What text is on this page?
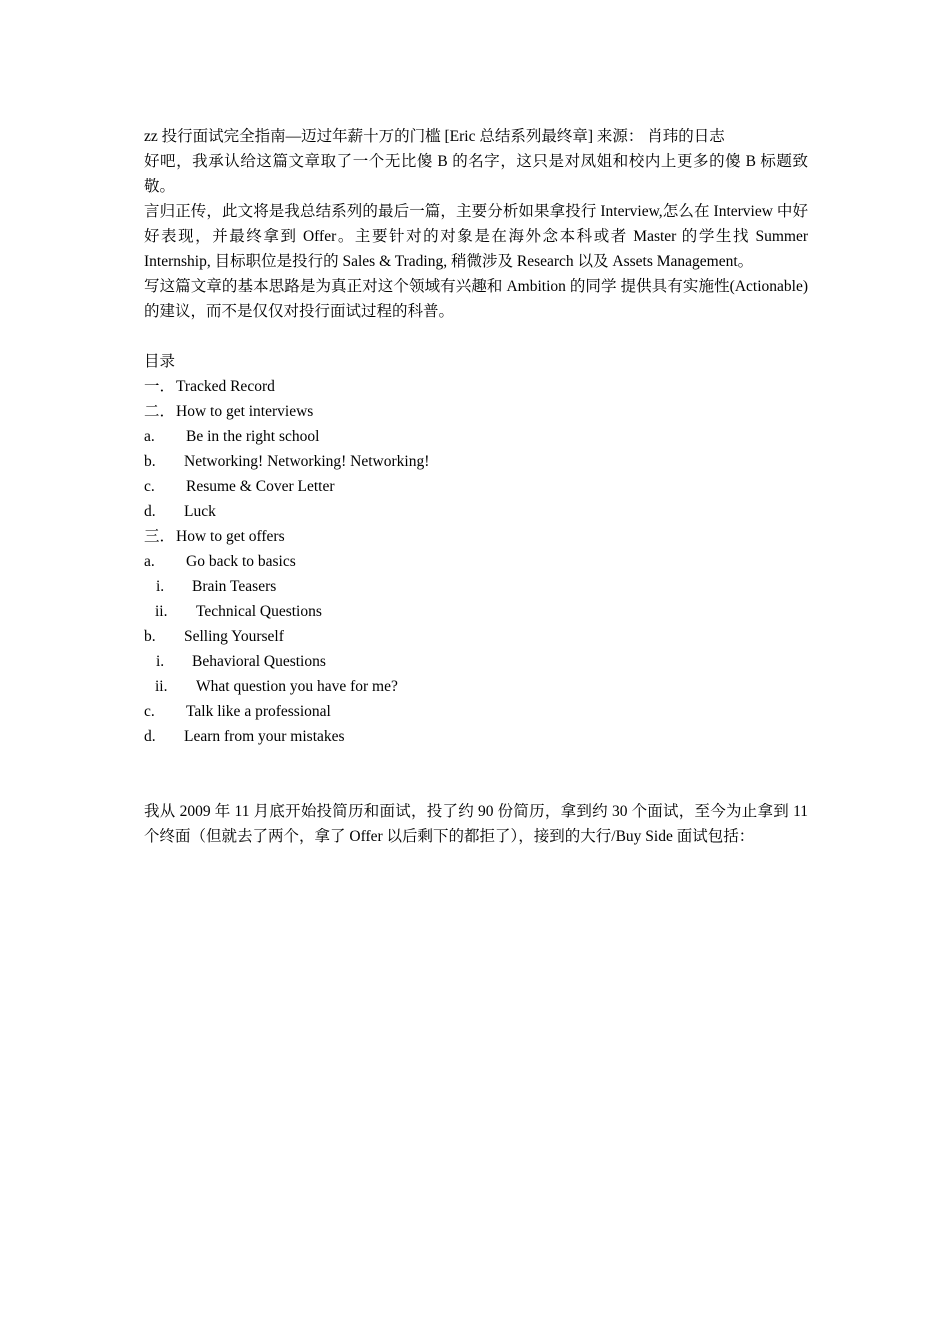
zz 投行面试完全指南—迈过年薪十万的门槛 [Eric 总结系列最终章] 来源： 肖玮的日志

好吧，我承认给这篇文章取了一个无比傻 B 的名字，这只是对凤姐和校内上更多的傻 B 标题致敬。

言归正传，此文将是我总结系列的最后一篇，主要分析如果拿投行 Interview,怎么在 Interview 中好好表现，并最终拿到 Offer。主要针对的对象是在海外念本科或者 Master 的学生找 Summer Internship, 目标职位是投行的 Sales & Trading, 稍微涉及 Research 以及 Assets Management。

写这篇文章的基本思路是为真正对这个领域有兴趣和 Ambition 的同学 提供具有实施性(Actionable)的建议，而不是仅仅对投行面试过程的科普。

目录
一． Tracked Record
二． How to get interviews
a. Be in the right school
b. Networking! Networking! Networking!
c. Resume & Cover Letter
d. Luck
三． How to get offers
a. Go back to basics
i. Brain Teasers
ii. Technical Questions
b. Selling Yourself
i. Behavioral Questions
ii. What question you have for me?
c. Talk like a professional
d. Learn from your mistakes

我从 2009 年 11 月底开始投简历和面试，投了约 90 份简历，拿到约 30 个面试，至今为止拿到 11 个终面（但就去了两个，拿了 Offer 以后剩下的都拒了），接到的大行/Buy Side 面试包括：
